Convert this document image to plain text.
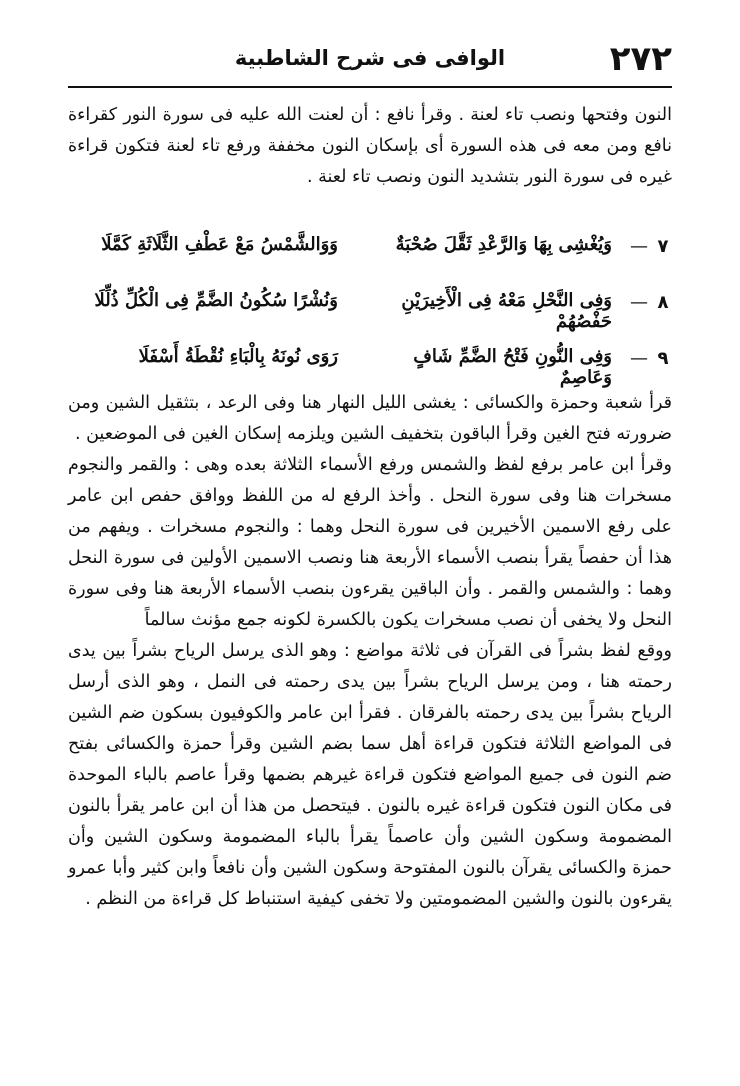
٢٧٢
الوافى فى شرح الشاطبية

النون وفتحها ونصب تاء لعنة . وقرأ نافع : أن لعنت الله عليه فى سورة النور كقراءة نافع ومن معه فى هذه السورة أى بإسكان النون مخففة ورفع تاء لعنة فتكون قراءة غيره فى سورة النور بتشديد النون ونصب تاء لعنة .

٧
—
وَيُغْشِى بِهَا وَالرَّعْدِ ثَقَّلَ صُحْبَةٌ
وَوَالشَّمْسُ مَعْ عَطْفِ الثَّلَاثَةِ كَمَّلَا
٨
—
وَفِى النَّحْلِ مَعْهُ فِى الْأَخِيرَيْنِ حَفْصُهُمْ
وَنُشْرًا سُكُونُ الضَّمِّ فِى الْكُلِّ ذُلِّلَا
٩
—
وَفِى النُّونِ فَتْحُ الضَّمِّ شَافٍ وَعَاصِمٌ
رَوَى نُونَهُ بِالْبَاءِ نُقْطَةُ أَسْفَلَا

قرأ شعبة وحمزة والكسائى : يغشى الليل النهار هنا وفى الرعد ، بتثقيل الشين ومن ضرورته فتح الغين وقرأ الباقون بتخفيف الشين ويلزمه إسكان الغين فى الموضعين .

وقرأ ابن عامر برفع لفظ والشمس ورفع الأسماء الثلاثة بعده وهى : والقمر والنجوم مسخرات هنا وفى سورة النحل . وأخذ الرفع له من اللفظ ووافق حفص ابن عامر على رفع الاسمين الأخيرين فى سورة النحل وهما : والنجوم مسخرات . ويفهم من هذا أن حفصاً يقرأ بنصب الأسماء الأربعة هنا ونصب الاسمين الأولين فى سورة النحل وهما : والشمس والقمر . وأن الباقين يقرءون بنصب الأسماء الأربعة هنا وفى سورة النحل ولا يخفى أن نصب مسخرات يكون بالكسرة لكونه جمع مؤنث سالماً

ووقع لفظ بشراً فى القرآن فى ثلاثة مواضع : وهو الذى يرسل الرياح بشراً بين يدى رحمته هنا ، ومن يرسل الرياح بشراً بين يدى رحمته فى النمل ، وهو الذى أرسل الرياح بشراً بين يدى رحمته بالفرقان . فقرأ ابن عامر والكوفيون بسكون ضم الشين فى المواضع الثلاثة فتكون قراءة أهل سما بضم الشين وقرأ حمزة والكسائى بفتح ضم النون فى جميع المواضع فتكون قراءة غيرهم بضمها وقرأ عاصم بالباء الموحدة فى مكان النون فتكون قراءة غيره بالنون . فيتحصل من هذا أن ابن عامر يقرأ بالنون المضمومة وسكون الشين وأن عاصماً يقرأ بالباء المضمومة وسكون الشين وأن حمزة والكسائى يقرآن بالنون المفتوحة وسكون الشين وأن نافعاً وابن كثير وأبا عمرو يقرءون بالنون والشين المضمومتين ولا تخفى كيفية استنباط كل قراءة من النظم .
